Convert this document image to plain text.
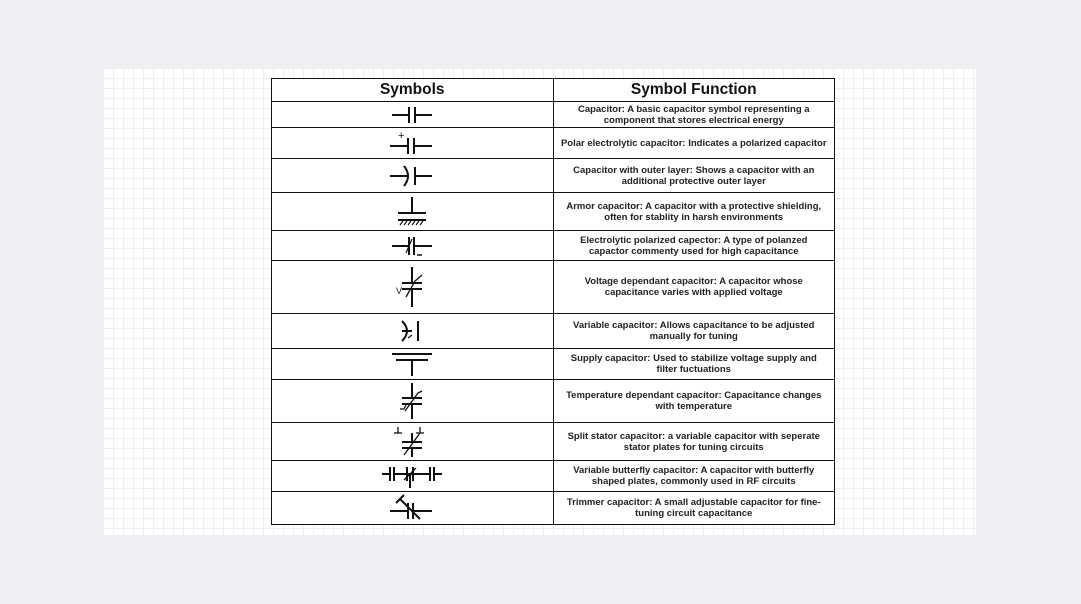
Symbols	Symbol Function

	Capacitor: A basic capacitor symbol representing a component that stores electrical energy

+	Polar electrolytic capacitor: Indicates a polarized capacitor

	Capacitor with outer layer: Shows a capacitor with an additional protective outer layer

	Armor capacitor: A capacitor with a protective shielding, often for stablity in harsh environments

	Electrolytic polarized capector: A type of polanzed capactor commenty used for high capacitance

V	Voltage dependant capacitor: A capacitor whose capacitance varies with applied voltage

	Variable capacitor: Allows capacitance to be adjusted manually for tuning

	Supply capacitor: Used to stabilize voltage supply and filter fuctuations

	Temperature dependant capacitor: Capacitance changes with temperature

	Split stator capacitor: a variable capacitor with seperate stator plates for tuning circuits

	Variable butterfly capacitor: A capacitor with butterfly shaped plates, commonly used in RF circuits

	Trimmer capacitor: A small adjustable capacitor for fine-tuning circuit capacitance
